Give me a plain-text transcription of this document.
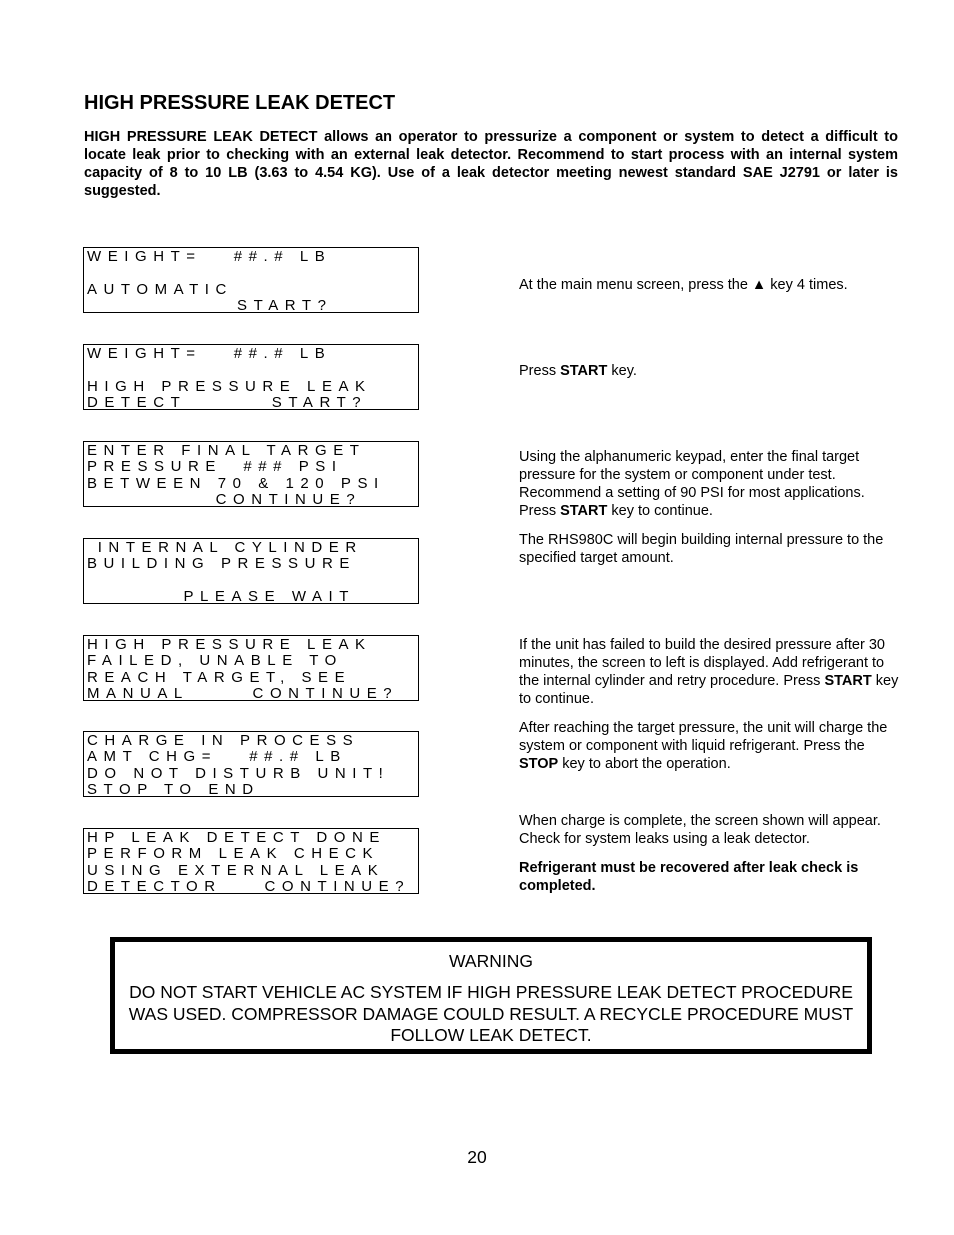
HIGH PRESSURE LEAK DETECT
HIGH PRESSURE LEAK DETECT allows an operator to pressurize a component or system to detect a difficult to locate leak prior to checking with an external leak detector. Recommend to start process with an internal system capacity of 8 to 10 LB (3.63 to 4.54 KG). Use of a leak detector meeting newest standard SAE J2791 or later is suggested.
WEIGHT=   ##.# LB
AUTOMATIC
START?
WEIGHT=   ##.# LB
HIGH PRESSURE LEAK
DETECT        START?
ENTER FINAL TARGET
PRESSURE  ### PSI
BETWEEN 70 & 120 PSI
CONTINUE?
INTERNAL CYLINDER
BUILDING PRESSURE
PLEASE WAIT
HIGH PRESSURE LEAK
FAILED, UNABLE TO
REACH TARGET, SEE
MANUAL      CONTINUE?
CHARGE IN PROCESS
AMT CHG=   ##.# LB
DO NOT DISTURB UNIT!
STOP TO END
HP LEAK DETECT DONE
PERFORM LEAK CHECK
USING EXTERNAL LEAK
DETECTOR    CONTINUE?

At the main menu screen, press the ▲ key 4 times.

Press START key.

Using the alphanumeric keypad, enter the final target pressure for the system or component under test. Recommend a setting of 90 PSI for most applications. Press START key to continue.

The RHS980C will begin building internal pressure to the specified target amount.

If the unit has failed to build the desired pressure after 30 minutes, the screen to left is displayed. Add refrigerant to the internal cylinder and retry procedure. Press START key to continue.

After reaching the target pressure, the unit will charge the system or component with liquid refrigerant. Press the STOP key to abort the operation.

When charge is complete, the screen shown will appear. Check for system leaks using a leak detector.

Refrigerant must be recovered after leak check is completed.

WARNING
DO NOT START VEHICLE AC SYSTEM IF HIGH PRESSURE LEAK DETECT PROCEDURE WAS USED. COMPRESSOR DAMAGE COULD RESULT. A RECYCLE PROCEDURE MUST FOLLOW LEAK DETECT.
20
